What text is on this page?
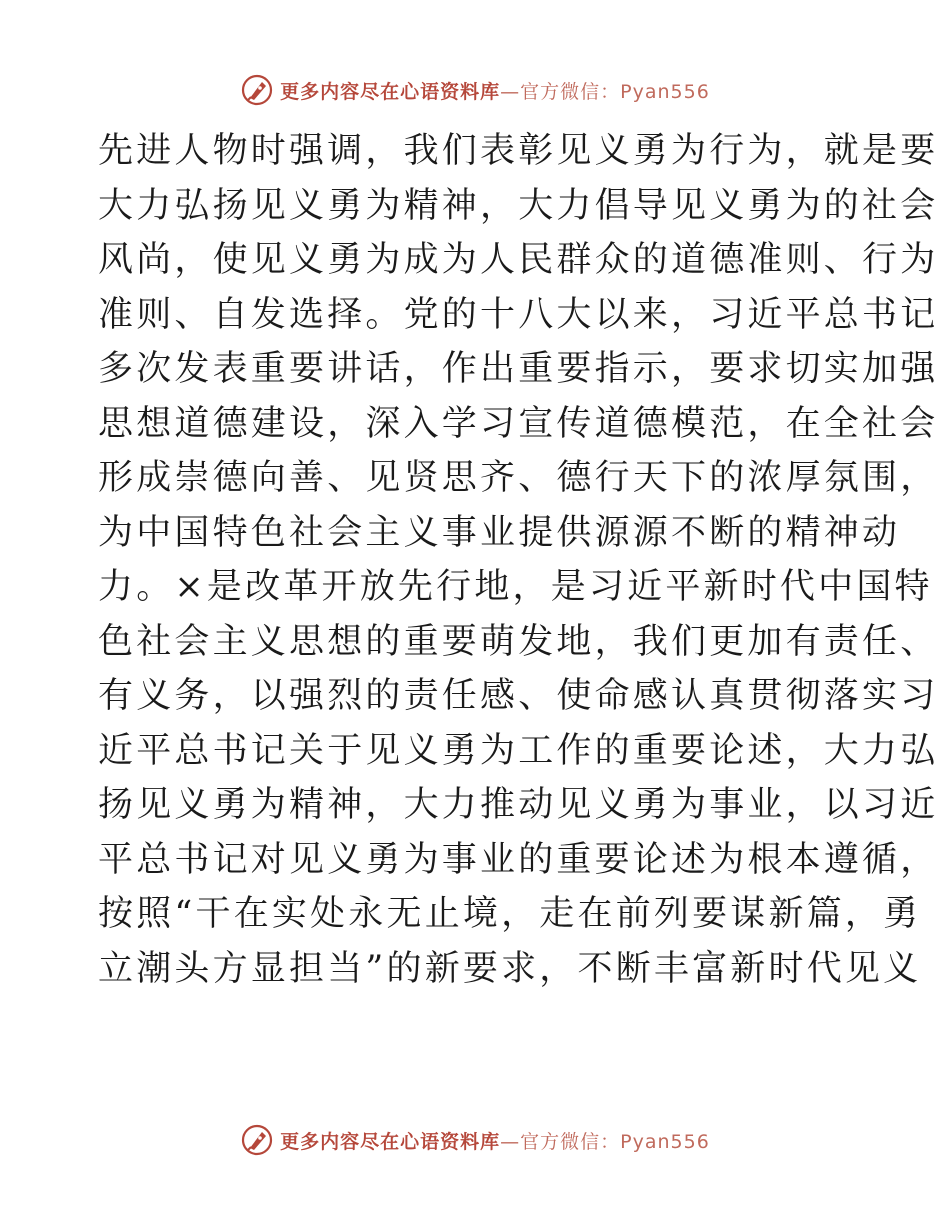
更多内容尽在心语资料库—官方微信：Pyan556
先进人物时强调，我们表彰见义勇为行为，就是要
大力弘扬见义勇为精神，大力倡导见义勇为的社会
风尚，使见义勇为成为人民群众的道德准则、行为
准则、自发选择。党的十八大以来，习近平总书记
多次发表重要讲话，作出重要指示，要求切实加强
思想道德建设，深入学习宣传道德模范，在全社会
形成崇德向善、见贤思齐、德行天下的浓厚氛围，
为中国特色社会主义事业提供源源不断的精神动
力。×是改革开放先行地，是习近平新时代中国特
色社会主义思想的重要萌发地，我们更加有责任、
有义务，以强烈的责任感、使命感认真贯彻落实习
近平总书记关于见义勇为工作的重要论述，大力弘
扬见义勇为精神，大力推动见义勇为事业，以习近
平总书记对见义勇为事业的重要论述为根本遵循，
按照“干在实处永无止境，走在前列要谋新篇，勇
立潮头方显担当”的新要求，不断丰富新时代见义
更多内容尽在心语资料库—官方微信：Pyan556
